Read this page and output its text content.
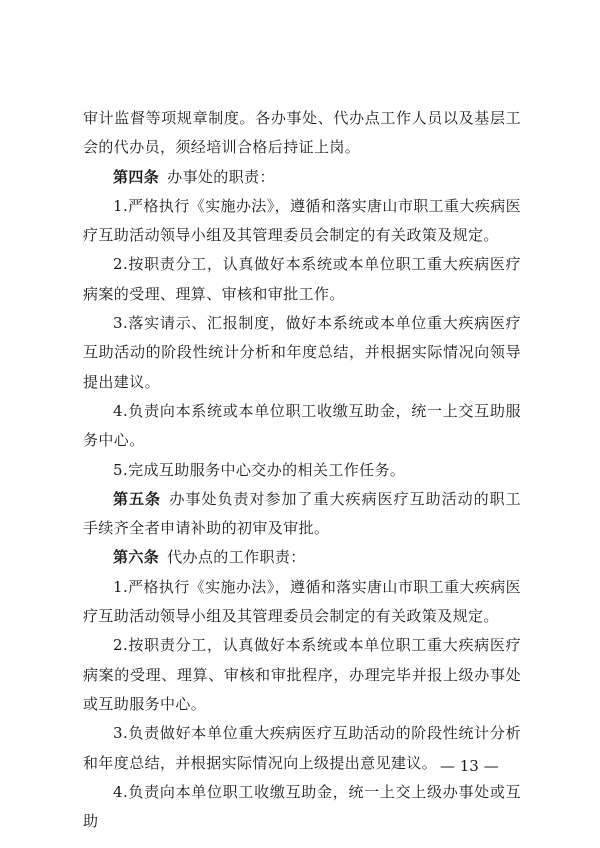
审计监督等项规章制度。各办事处、代办点工作人员以及基层工会的代办员，须经培训合格后持证上岗。

第四条  办事处的职责：

1.严格执行《实施办法》，遵循和落实唐山市职工重大疾病医疗互助活动领导小组及其管理委员会制定的有关政策及规定。

2.按职责分工，认真做好本系统或本单位职工重大疾病医疗病案的受理、理算、审核和审批工作。

3.落实请示、汇报制度，做好本系统或本单位重大疾病医疗互助活动的阶段性统计分析和年度总结，并根据实际情况向领导提出建议。

4.负责向本系统或本单位职工收缴互助金，统一上交互助服务中心。

5.完成互助服务中心交办的相关工作任务。

第五条  办事处负责对参加了重大疾病医疗互助活动的职工手续齐全者申请补助的初审及审批。

第六条  代办点的工作职责：

1.严格执行《实施办法》，遵循和落实唐山市职工重大疾病医疗互助活动领导小组及其管理委员会制定的有关政策及规定。

2.按职责分工，认真做好本系统或本单位职工重大疾病医疗病案的受理、理算、审核和审批程序，办理完毕并报上级办事处或互助服务中心。

3.负责做好本单位重大疾病医疗互助活动的阶段性统计分析和年度总结，并根据实际情况向上级提出意见建议。

4.负责向本单位职工收缴互助金，统一上交上级办事处或互助

— 13 —
